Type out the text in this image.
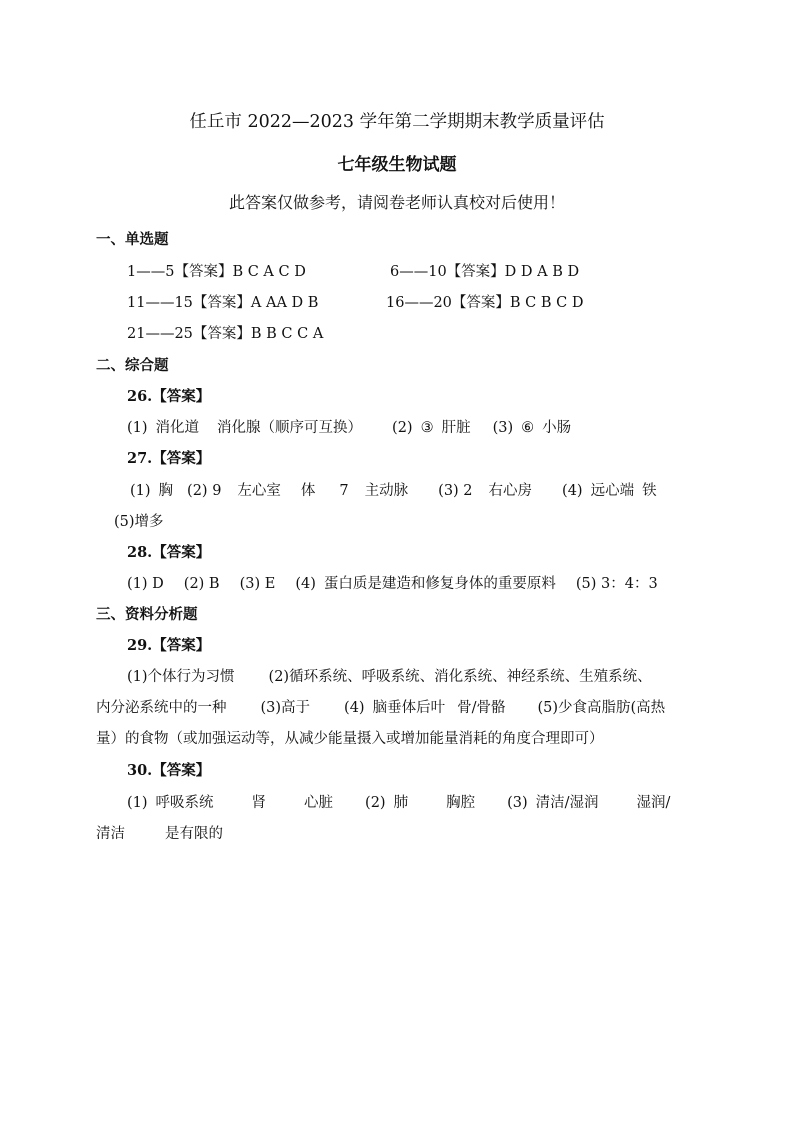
任丘市 2022—2023 学年第二学期期末教学质量评估
七年级生物试题
此答案仅做参考，请阅卷老师认真校对后使用！
一、单选题
1——5【答案】B C A C D	6——10【答案】D D A B D
11——15【答案】A AA D B	16——20【答案】B C B C D
21——25【答案】B B C C A
二、综合题
26.【答案】
(1) 消化道 消化腺（顺序可互换） (2) ③ 肝脏 (3) ⑥ 小肠
27.【答案】
(1) 胸 (2) 9 左心室 体 7 主动脉 (3) 2 右心房 (4) 远心端 铁
(5)增多
28.【答案】
(1) D (2) B (3) E (4) 蛋白质是建造和修复身体的重要原料 (5) 3：4：3
三、资料分析题
29.【答案】
(1)个体行为习惯 (2)循环系统、呼吸系统、消化系统、神经系统、生殖系统、
内分泌系统中的一种 (3)高于 (4) 脑垂体后叶 骨/骨骼 (5)少食高脂肪(高热
量）的食物（或加强运动等，从减少能量摄入或增加能量消耗的角度合理即可）
30.【答案】
(1) 呼吸系统	肾	心脏 (2) 肺	胸腔 (3) 清洁/湿润	湿润/
清洁	是有限的
